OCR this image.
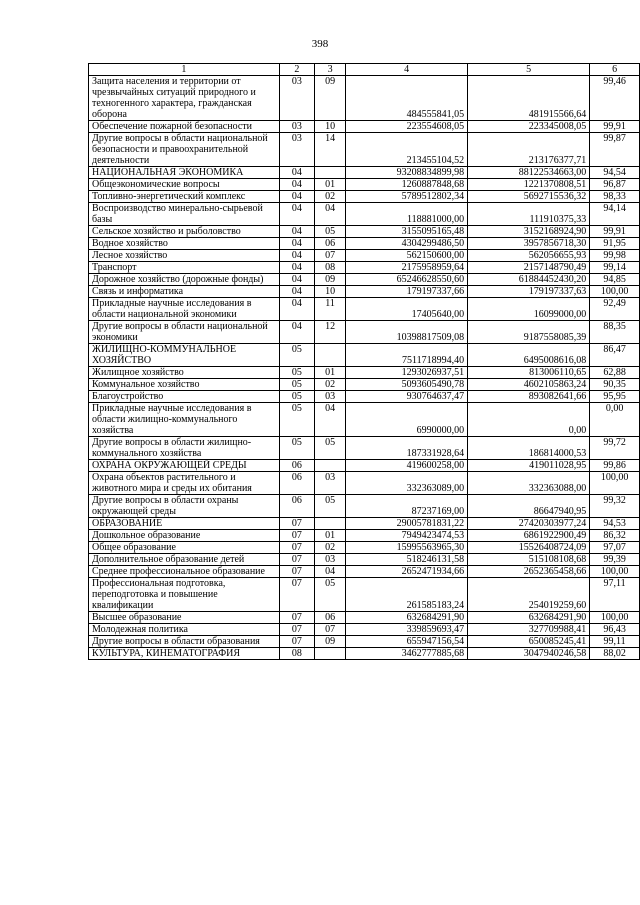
398
1	2	3	4	5	6
Защита населения и территории от чрезвычайных ситуаций природного и техногенного характера, гражданская оборона	03	09	484555841,05	481915566,64	99,46
Обеспечение пожарной безопасности	03	10	223554608,05	223345008,05	99,91
Другие вопросы в области национальной безопасности и правоохранительной деятельности	03	14	213455104,52	213176377,71	99,87
НАЦИОНАЛЬНАЯ ЭКОНОМИКА	04		93208834899,98	88122534663,00	94,54
Общеэкономические вопросы	04	01	1260887848,68	1221370808,51	96,87
Топливно-энергетический комплекс	04	02	5789512802,34	5692715536,32	98,33
Воспроизводство минерально-сырьевой базы	04	04	118881000,00	111910375,33	94,14
Сельское хозяйство и рыболовство	04	05	3155095165,48	3152168924,90	99,91
Водное хозяйство	04	06	4304299486,50	3957856718,30	91,95
Лесное хозяйство	04	07	562150600,00	562056655,93	99,98
Транспорт	04	08	2175958959,64	2157148790,49	99,14
Дорожное хозяйство (дорожные фонды)	04	09	65246628550,60	61884452430,20	94,85
Связь и информатика	04	10	179197337,66	179197337,63	100,00
Прикладные научные исследования в области национальной экономики	04	11	17405640,00	16099000,00	92,49
Другие вопросы в области национальной экономики	04	12	10398817509,08	9187558085,39	88,35
ЖИЛИЩНО-КОММУНАЛЬНОЕ ХОЗЯЙСТВО	05		7511718994,40	6495008616,08	86,47
Жилищное хозяйство	05	01	1293026937,51	813006110,65	62,88
Коммунальное хозяйство	05	02	5093605490,78	4602105863,24	90,35
Благоустройство	05	03	930764637,47	893082641,66	95,95
Прикладные научные исследования в области жилищно-коммунального хозяйства	05	04	6990000,00	0,00	0,00
Другие вопросы в области жилищно-коммунального хозяйства	05	05	187331928,64	186814000,53	99,72
ОХРАНА ОКРУЖАЮЩЕЙ СРЕДЫ	06		419600258,00	419011028,95	99,86
Охрана объектов растительного и животного мира и среды их обитания	06	03	332363089,00	332363088,00	100,00
Другие вопросы в области охраны окружающей среды	06	05	87237169,00	86647940,95	99,32
ОБРАЗОВАНИЕ	07		29005781831,22	27420303977,24	94,53
Дошкольное образование	07	01	7949423474,53	6861922900,49	86,32
Общее образование	07	02	15995563965,30	15526408724,09	97,07
Дополнительное образование детей	07	03	518246131,58	515108108,68	99,39
Среднее профессиональное образование	07	04	2652471934,66	2652365458,66	100,00
Профессиональная подготовка, переподготовка и повышение квалификации	07	05	261585183,24	254019259,60	97,11
Высшее образование	07	06	632684291,90	632684291,90	100,00
Молодежная политика	07	07	339859693,47	327709988,41	96,43
Другие вопросы в области образования	07	09	655947156,54	650085245,41	99,11
КУЛЬТУРА, КИНЕМАТОГРАФИЯ	08		3462777885,68	3047940246,58	88,02
